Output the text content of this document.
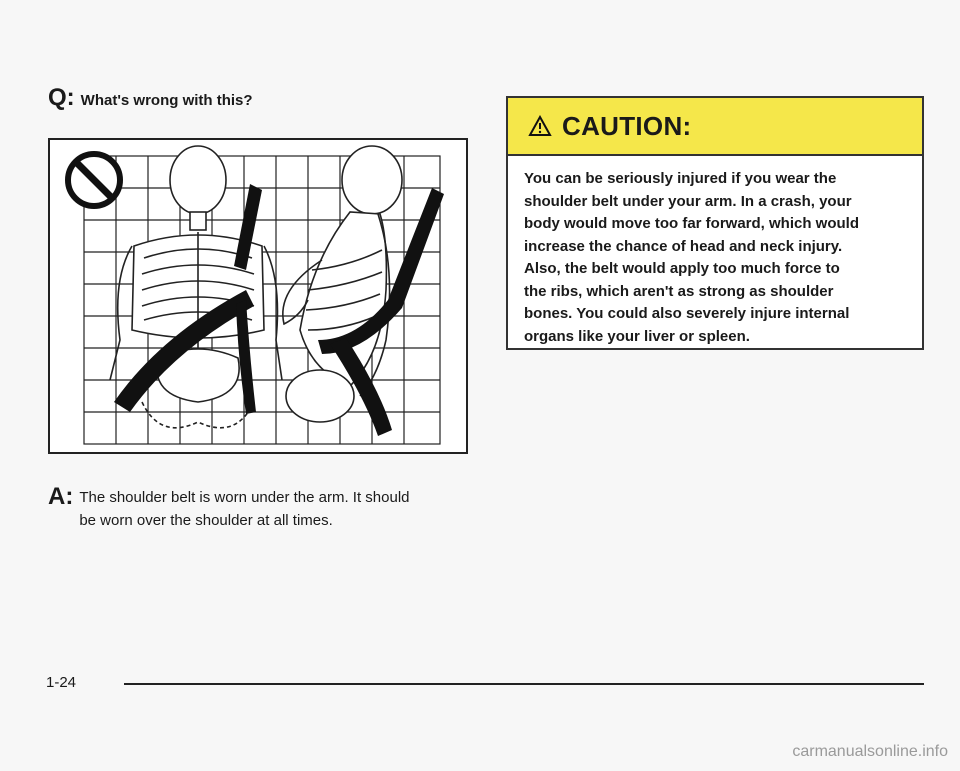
Q: What's wrong with this?
A: The shoulder belt is worn under the arm. It should
be worn over the shoulder at all times.
CAUTION:
You can be seriously injured if you wear the
shoulder belt under your arm. In a crash, your
body would move too far forward, which would
increase the chance of head and neck injury.
Also, the belt would apply too much force to
the ribs, which aren't as strong as shoulder
bones. You could also severely injure internal
organs like your liver or spleen.
1-24
carmanualsonline.info
